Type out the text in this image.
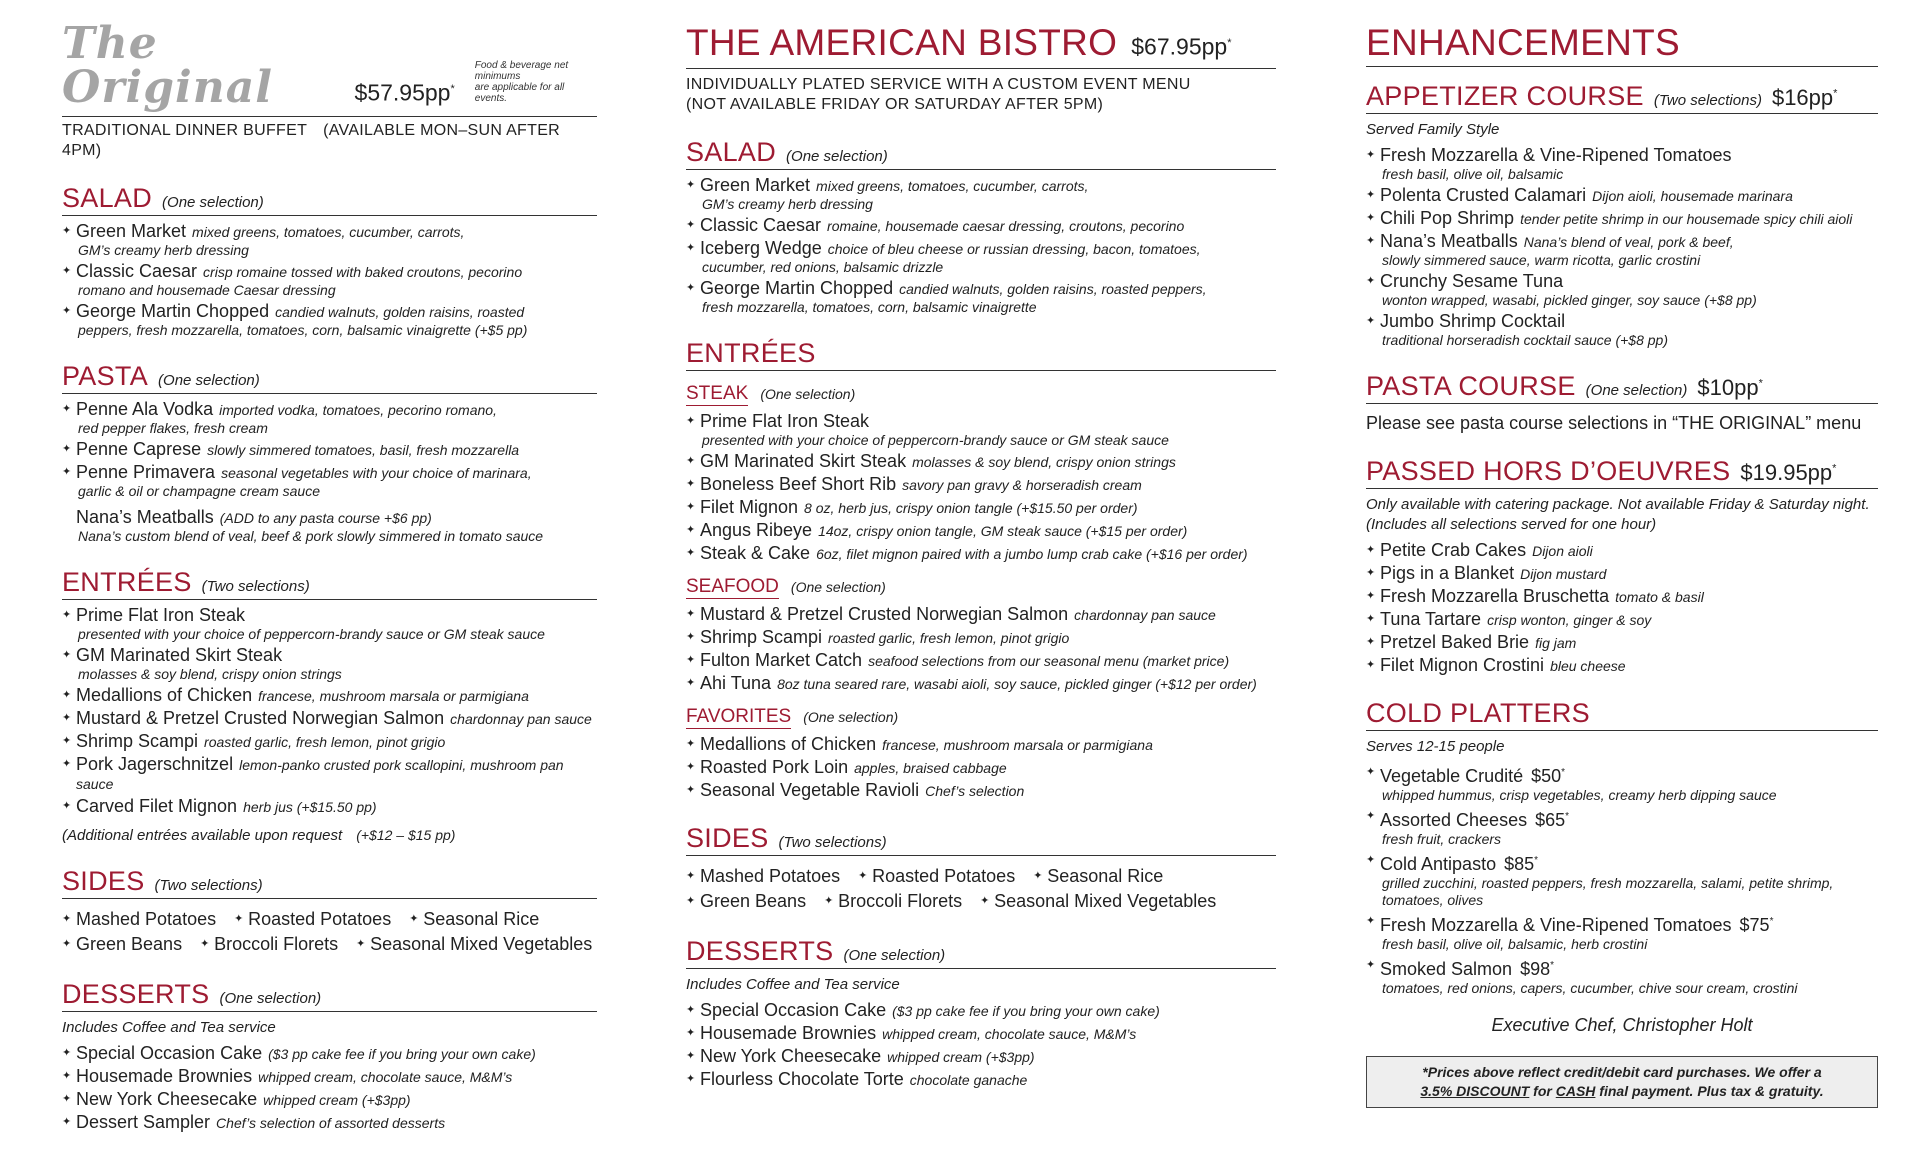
The Original	$57.95pp*
Food & beverage net minimums
are applicable for all events.
TRADITIONAL DINNER BUFFET (AVAILABLE MON–SUN AFTER 4PM)
SALAD (One selection)
✦ Green Market mixed greens, tomatoes, cucumber, carrots,
GM’s creamy herb dressing
✦ Classic Caesar crisp romaine tossed with baked croutons, pecorino
romano and housemade Caesar dressing
✦ George Martin Chopped candied walnuts, golden raisins, roasted
peppers, fresh mozzarella, tomatoes, corn, balsamic vinaigrette (+$5 pp)
PASTA (One selection)
✦ Penne Ala Vodka imported vodka, tomatoes, pecorino romano,
red pepper flakes, fresh cream
✦ Penne Caprese slowly simmered tomatoes, basil, fresh mozzarella
✦ Penne Primavera seasonal vegetables with your choice of marinara,
garlic & oil or champagne cream sauce
Nana’s Meatballs (ADD to any pasta course +$6 pp)
Nana’s custom blend of veal, beef & pork slowly simmered in tomato sauce
ENTRÉES (Two selections)
✦ Prime Flat Iron Steak
presented with your choice of peppercorn-brandy sauce or GM steak sauce
✦ GM Marinated Skirt Steak
molasses & soy blend, crispy onion strings
✦ Medallions of Chicken francese, mushroom marsala or parmigiana
✦ Mustard & Pretzel Crusted Norwegian Salmon chardonnay pan sauce
✦ Shrimp Scampi roasted garlic, fresh lemon, pinot grigio
✦ Pork Jagerschnitzel lemon-panko crusted pork scallopini, mushroom pan sauce
✦ Carved Filet Mignon herb jus (+$15.50 pp)
(Additional entrées available upon request (+$12 – $15 pp)
SIDES (Two selections)
✦ Mashed Potatoes	✦ Roasted Potatoes	✦ Seasonal Rice
✦ Green Beans	✦ Broccoli Florets	✦ Seasonal Mixed Vegetables
DESSERTS (One selection)
Includes Coffee and Tea service
✦ Special Occasion Cake ($3 pp cake fee if you bring your own cake)
✦ Housemade Brownies whipped cream, chocolate sauce, M&M’s
✦ New York Cheesecake whipped cream (+$3pp)
✦ Dessert Sampler Chef’s selection of assorted desserts
THE AMERICAN BISTRO $67.95pp*
INDIVIDUALLY PLATED SERVICE WITH A CUSTOM EVENT MENU
(NOT AVAILABLE FRIDAY OR SATURDAY AFTER 5PM)
SALAD (One selection)
✦ Green Market mixed greens, tomatoes, cucumber, carrots,
GM’s creamy herb dressing
✦ Classic Caesar romaine, housemade caesar dressing, croutons, pecorino
✦ Iceberg Wedge choice of bleu cheese or russian dressing, bacon, tomatoes,
cucumber, red onions, balsamic drizzle
✦ George Martin Chopped candied walnuts, golden raisins, roasted peppers,
fresh mozzarella, tomatoes, corn, balsamic vinaigrette
ENTRÉES
STEAK (One selection)
✦ Prime Flat Iron Steak
presented with your choice of peppercorn-brandy sauce or GM steak sauce
✦ GM Marinated Skirt Steak molasses & soy blend, crispy onion strings
✦ Boneless Beef Short Rib savory pan gravy & horseradish cream
✦ Filet Mignon 8 oz, herb jus, crispy onion tangle (+$15.50 per order)
✦ Angus Ribeye 14oz, crispy onion tangle, GM steak sauce (+$15 per order)
✦ Steak & Cake 6oz, filet mignon paired with a jumbo lump crab cake (+$16 per order)
SEAFOOD (One selection)
✦ Mustard & Pretzel Crusted Norwegian Salmon chardonnay pan sauce
✦ Shrimp Scampi roasted garlic, fresh lemon, pinot grigio
✦ Fulton Market Catch seafood selections from our seasonal menu (market price)
✦ Ahi Tuna 8oz tuna seared rare, wasabi aioli, soy sauce, pickled ginger (+$12 per order)
FAVORITES (One selection)
✦ Medallions of Chicken francese, mushroom marsala or parmigiana
✦ Roasted Pork Loin apples, braised cabbage
✦ Seasonal Vegetable Ravioli Chef’s selection
SIDES (Two selections)
✦ Mashed Potatoes	✦ Roasted Potatoes	✦ Seasonal Rice
✦ Green Beans	✦ Broccoli Florets	✦ Seasonal Mixed Vegetables
DESSERTS (One selection)
Includes Coffee and Tea service
✦ Special Occasion Cake ($3 pp cake fee if you bring your own cake)
✦ Housemade Brownies whipped cream, chocolate sauce, M&M’s
✦ New York Cheesecake whipped cream (+$3pp)
✦ Flourless Chocolate Torte chocolate ganache
ENHANCEMENTS
APPETIZER COURSE (Two selections) $16pp*
Served Family Style
✦ Fresh Mozzarella & Vine-Ripened Tomatoes
fresh basil, olive oil, balsamic
✦ Polenta Crusted Calamari Dijon aioli, housemade marinara
✦ Chili Pop Shrimp tender petite shrimp in our housemade spicy chili aioli
✦ Nana’s Meatballs Nana’s blend of veal, pork & beef,
slowly simmered sauce, warm ricotta, garlic crostini
✦ Crunchy Sesame Tuna
wonton wrapped, wasabi, pickled ginger, soy sauce (+$8 pp)
✦ Jumbo Shrimp Cocktail
traditional horseradish cocktail sauce (+$8 pp)
PASTA COURSE (One selection) $10pp*
Please see pasta course selections in “THE ORIGINAL” menu
PASSED HORS D’OEUVRES $19.95pp*
Only available with catering package. Not available Friday & Saturday night.
(Includes all selections served for one hour)
✦ Petite Crab Cakes Dijon aioli
✦ Pigs in a Blanket Dijon mustard
✦ Fresh Mozzarella Bruschetta tomato & basil
✦ Tuna Tartare crisp wonton, ginger & soy
✦ Pretzel Baked Brie fig jam
✦ Filet Mignon Crostini bleu cheese
COLD PLATTERS
Serves 12-15 people
✦ Vegetable Crudité $50*
whipped hummus, crisp vegetables, creamy herb dipping sauce
✦ Assorted Cheeses $65*
fresh fruit, crackers
✦ Cold Antipasto $85*
grilled zucchini, roasted peppers, fresh mozzarella, salami, petite shrimp,
tomatoes, olives
✦ Fresh Mozzarella & Vine-Ripened Tomatoes $75*
fresh basil, olive oil, balsamic, herb crostini
✦ Smoked Salmon $98*
tomatoes, red onions, capers, cucumber, chive sour cream, crostini
Executive Chef, Christopher Holt
*Prices above reflect credit/debit card purchases. We offer a
3.5% DISCOUNT for CASH final payment. Plus tax & gratuity.
